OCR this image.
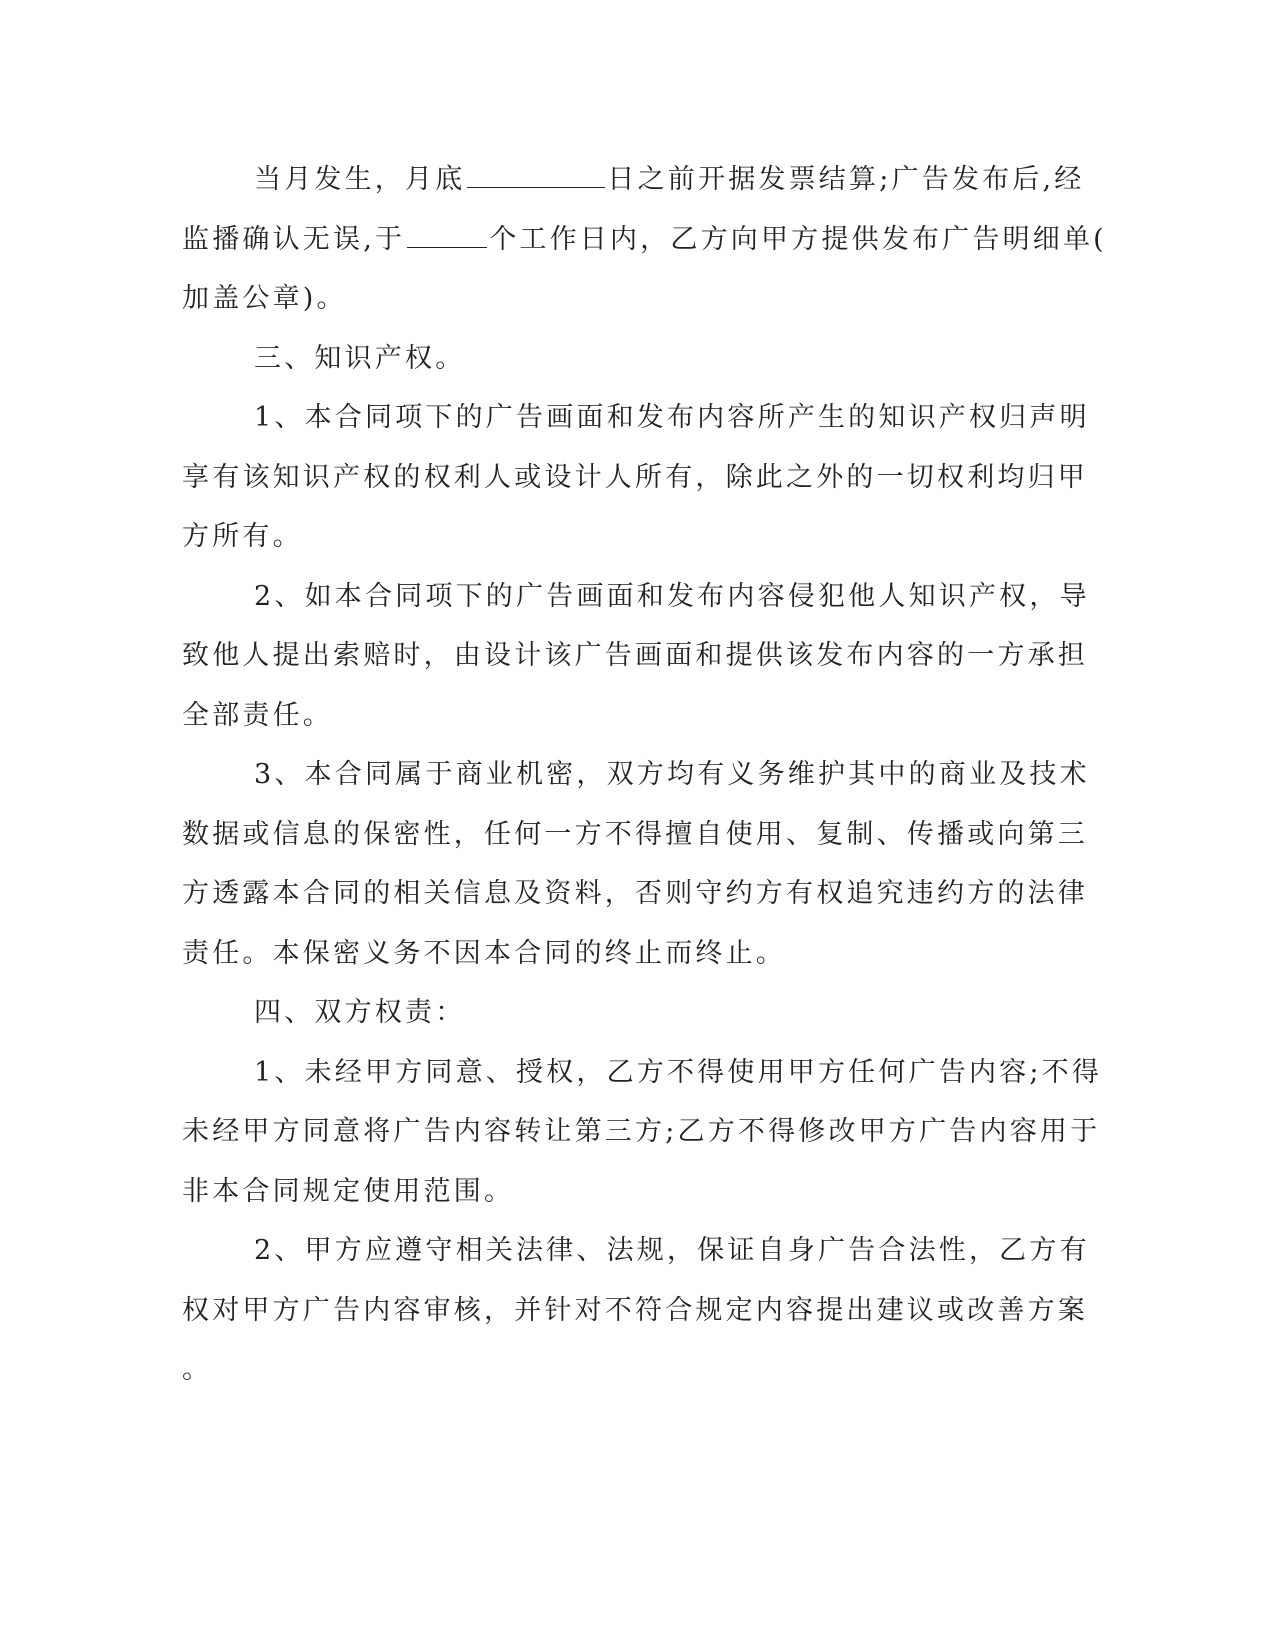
当月发生，月底	日之前开据发票结算;广告发布后,经
监播确认无误,于	个工作日内，乙方向甲方提供发布广告明细单(
加盖公章)。
三、知识产权。
1、本合同项下的广告画面和发布内容所产生的知识产权归声明
享有该知识产权的权利人或设计人所有，除此之外的一切权利均归甲
方所有。
2、如本合同项下的广告画面和发布内容侵犯他人知识产权，导
致他人提出索赔时，由设计该广告画面和提供该发布内容的一方承担
全部责任。
3、本合同属于商业机密，双方均有义务维护其中的商业及技术
数据或信息的保密性，任何一方不得擅自使用、复制、传播或向第三
方透露本合同的相关信息及资料，否则守约方有权追究违约方的法律
责任。本保密义务不因本合同的终止而终止。
四、双方权责：
1、未经甲方同意、授权，乙方不得使用甲方任何广告内容;不得
未经甲方同意将广告内容转让第三方;乙方不得修改甲方广告内容用于
非本合同规定使用范围。
2、甲方应遵守相关法律、法规，保证自身广告合法性，乙方有
权对甲方广告内容审核，并针对不符合规定内容提出建议或改善方案
。
